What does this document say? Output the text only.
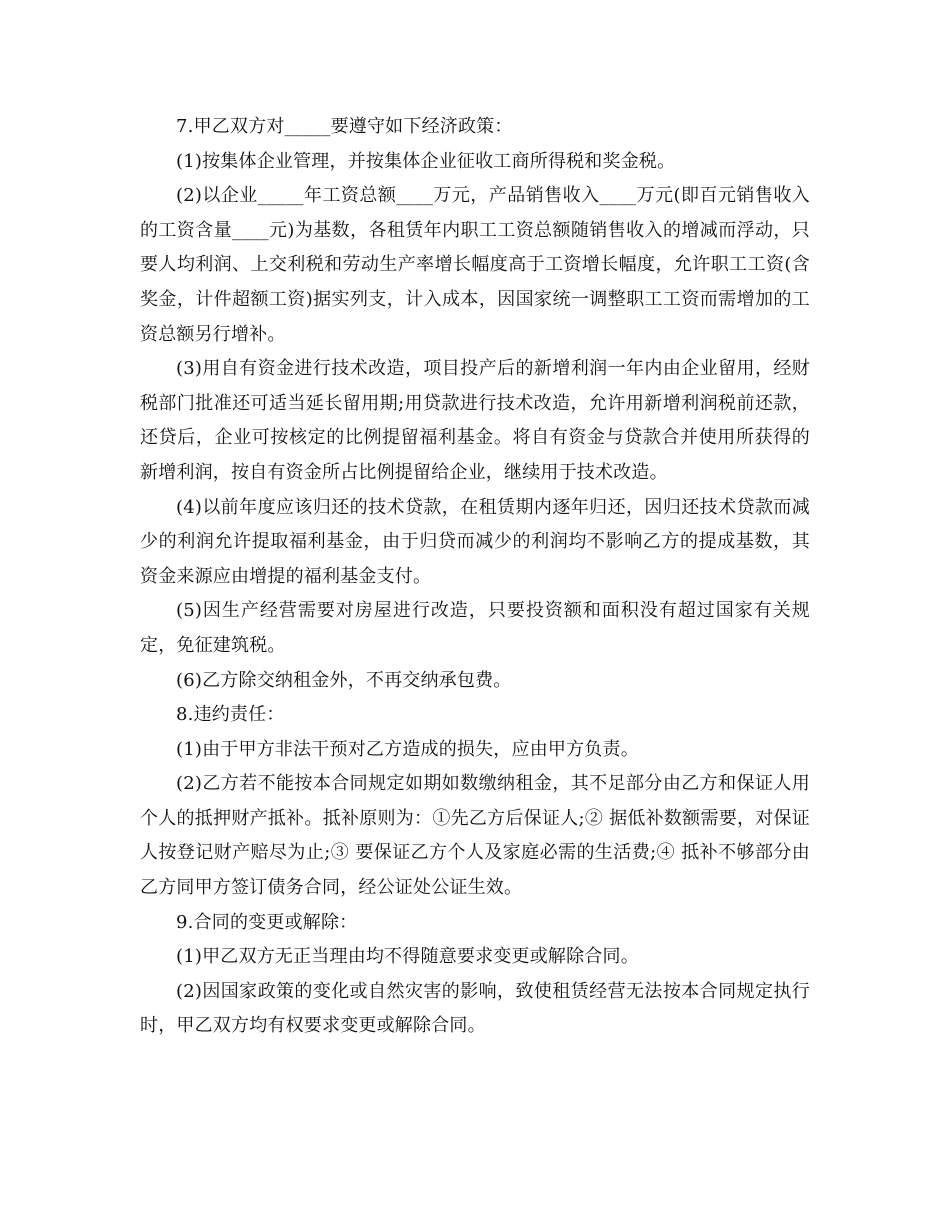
7.甲乙双方对_____要遵守如下经济政策：

(1)按集体企业管理，并按集体企业征收工商所得税和奖金税。

(2)以企业_____年工资总额____万元，产品销售收入____万元(即百元销售收入的工资含量____元)为基数，各租赁年内职工工资总额随销售收入的增减而浮动，只要人均利润、上交利税和劳动生产率增长幅度高于工资增长幅度，允许职工工资(含奖金，计件超额工资)据实列支，计入成本，因国家统一调整职工工资而需增加的工资总额另行增补。

(3)用自有资金进行技术改造，项目投产后的新增利润一年内由企业留用，经财税部门批准还可适当延长留用期;用贷款进行技术改造，允许用新增利润税前还款，还贷后，企业可按核定的比例提留福利基金。将自有资金与贷款合并使用所获得的新增利润，按自有资金所占比例提留给企业，继续用于技术改造。

(4)以前年度应该归还的技术贷款，在租赁期内逐年归还，因归还技术贷款而减少的利润允许提取福利基金，由于归贷而减少的利润均不影响乙方的提成基数，其资金来源应由增提的福利基金支付。

(5)因生产经营需要对房屋进行改造，只要投资额和面积没有超过国家有关规定，免征建筑税。

(6)乙方除交纳租金外，不再交纳承包费。

8.违约责任：

(1)由于甲方非法干预对乙方造成的损失，应由甲方负责。

(2)乙方若不能按本合同规定如期如数缴纳租金，其不足部分由乙方和保证人用个人的抵押财产抵补。抵补原则为：①先乙方后保证人;② 据低补数额需要，对保证人按登记财产赔尽为止;③ 要保证乙方个人及家庭必需的生活费;④ 抵补不够部分由乙方同甲方签订债务合同，经公证处公证生效。

9.合同的变更或解除：

(1)甲乙双方无正当理由均不得随意要求变更或解除合同。

(2)因国家政策的变化或自然灾害的影响，致使租赁经营无法按本合同规定执行时，甲乙双方均有权要求变更或解除合同。
